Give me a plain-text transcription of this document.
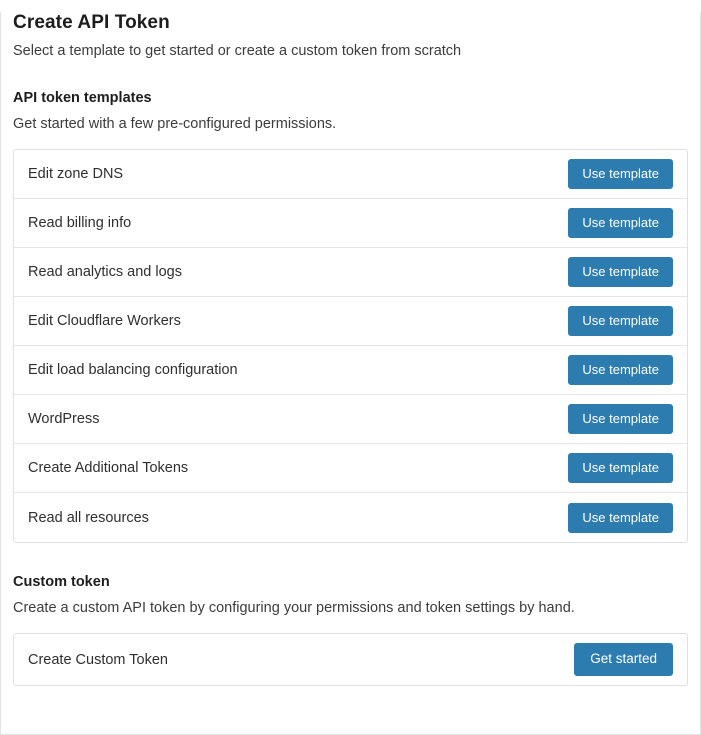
Create API Token
Select a template to get started or create a custom token from scratch
API token templates
Get started with a few pre-configured permissions.
Edit zone DNS	Use template
Read billing info	Use template
Read analytics and logs	Use template
Edit Cloudflare Workers	Use template
Edit load balancing configuration	Use template
WordPress	Use template
Create Additional Tokens	Use template
Read all resources	Use template
Custom token
Create a custom API token by configuring your permissions and token settings by hand.
Create Custom Token	Get started
